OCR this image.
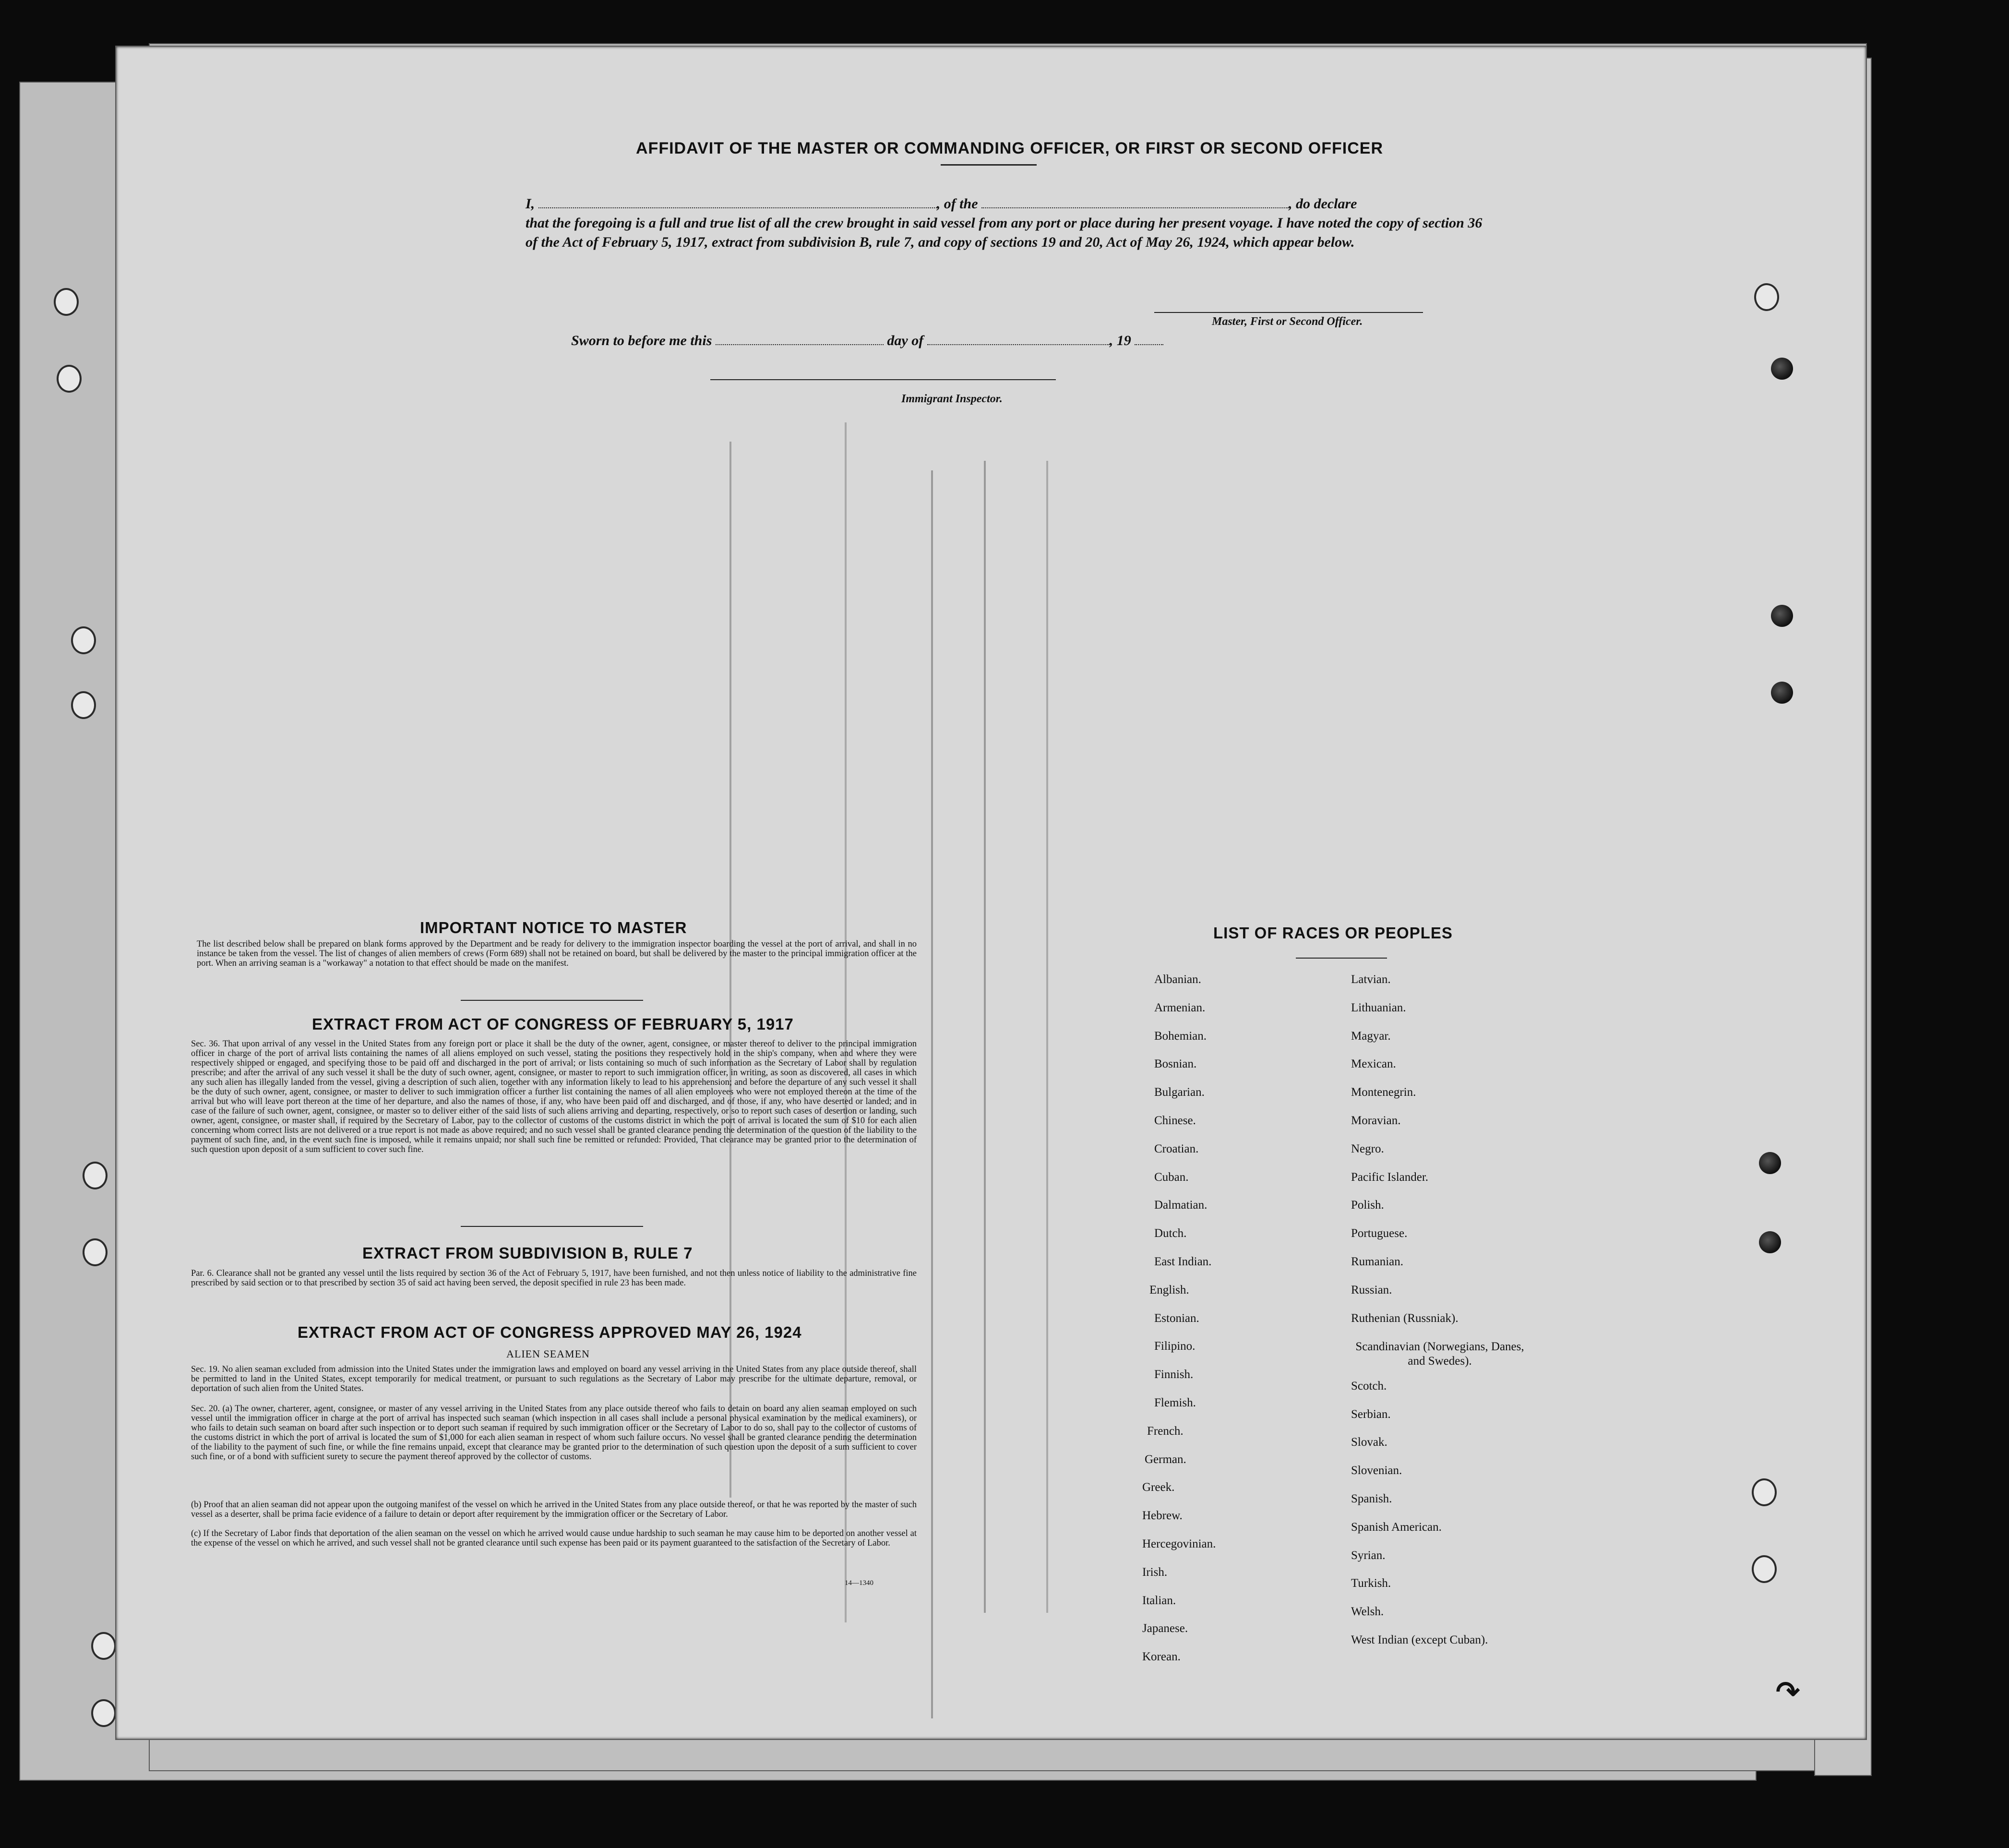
AFFIDAVIT OF THE MASTER OR COMMANDING OFFICER, OR FIRST OR SECOND OFFICER
I,	, of the	, do declare
that the foregoing is a full and true list of all the crew brought in said vessel from any port or place during her present voyage. I have noted the copy of section 36 of the Act of February 5, 1917, extract from subdivision B, rule 7, and copy of sections 19 and 20, Act of May 26, 1924, which appear below.
Master, First or Second Officer.
Sworn to before me this	day of	, 19
Immigrant Inspector.
IMPORTANT NOTICE TO MASTER
The list described below shall be prepared on blank forms approved by the Department and be ready for delivery to the immigration inspector boarding the vessel at the port of arrival, and shall in no instance be taken from the vessel. The list of changes of alien members of crews (Form 689) shall not be retained on board, but shall be delivered by the master to the principal immigration officer at the port. When an arriving seaman is a "workaway" a notation to that effect should be made on the manifest.
EXTRACT FROM ACT OF CONGRESS OF FEBRUARY 5, 1917
Sec. 36. That upon arrival of any vessel in the United States from any foreign port or place it shall be the duty of the owner, agent, consignee, or master thereof to deliver to the principal immigration officer in charge of the port of arrival lists containing the names of all aliens employed on such vessel, stating the positions they respectively hold in the ship's company, when and where they were respectively shipped or engaged, and specifying those to be paid off and discharged in the port of arrival; or lists containing so much of such information as the Secretary of Labor shall by regulation prescribe; and after the arrival of any such vessel it shall be the duty of such owner, agent, consignee, or master to report to such immigration officer, in writing, as soon as discovered, all cases in which any such alien has illegally landed from the vessel, giving a description of such alien, together with any information likely to lead to his apprehension; and before the departure of any such vessel it shall be the duty of such owner, agent, consignee, or master to deliver to such immigration officer a further list containing the names of all alien employees who were not employed thereon at the time of the arrival but who will leave port thereon at the time of her departure, and also the names of those, if any, who have been paid off and discharged, and of those, if any, who have deserted or landed; and in case of the failure of such owner, agent, consignee, or master so to deliver either of the said lists of such aliens arriving and departing, respectively, or so to report such cases of desertion or landing, such owner, agent, consignee, or master shall, if required by the Secretary of Labor, pay to the collector of customs of the customs district in which the port of arrival is located the sum of $10 for each alien concerning whom correct lists are not delivered or a true report is not made as above required; and no such vessel shall be granted clearance pending the determination of the question of the liability to the payment of such fine, and, in the event such fine is imposed, while it remains unpaid; nor shall such fine be remitted or refunded: Provided, That clearance may be granted prior to the determination of such question upon deposit of a sum sufficient to cover such fine.
EXTRACT FROM SUBDIVISION B, RULE 7
Par. 6. Clearance shall not be granted any vessel until the lists required by section 36 of the Act of February 5, 1917, have been furnished, and not then unless notice of liability to the administrative fine prescribed by said section or to that prescribed by section 35 of said act having been served, the deposit specified in rule 23 has been made.
EXTRACT FROM ACT OF CONGRESS APPROVED MAY 26, 1924
ALIEN SEAMEN
Sec. 19. No alien seaman excluded from admission into the United States under the immigration laws and employed on board any vessel arriving in the United States from any place outside thereof, shall be permitted to land in the United States, except temporarily for medical treatment, or pursuant to such regulations as the Secretary of Labor may prescribe for the ultimate departure, removal, or deportation of such alien from the United States.
Sec. 20. (a) The owner, charterer, agent, consignee, or master of any vessel arriving in the United States from any place outside thereof who fails to detain on board any alien seaman employed on such vessel until the immigration officer in charge at the port of arrival has inspected such seaman (which inspection in all cases shall include a personal physical examination by the medical examiners), or who fails to detain such seaman on board after such inspection or to deport such seaman if required by such immigration officer or the Secretary of Labor to do so, shall pay to the collector of customs of the customs district in which the port of arrival is located the sum of $1,000 for each alien seaman in respect of whom such failure occurs. No vessel shall be granted clearance pending the determination of the liability to the payment of such fine, or while the fine remains unpaid, except that clearance may be granted prior to the determination of such question upon the deposit of a sum sufficient to cover such fine, or of a bond with sufficient surety to secure the payment thereof approved by the collector of customs.
(b) Proof that an alien seaman did not appear upon the outgoing manifest of the vessel on which he arrived in the United States from any place outside thereof, or that he was reported by the master of such vessel as a deserter, shall be prima facie evidence of a failure to detain or deport after requirement by the immigration officer or the Secretary of Labor.
(c) If the Secretary of Labor finds that deportation of the alien seaman on the vessel on which he arrived would cause undue hardship to such seaman he may cause him to be deported on another vessel at the expense of the vessel on which he arrived, and such vessel shall not be granted clearance until such expense has been paid or its payment guaranteed to the satisfaction of the Secretary of Labor.
14—1340
LIST OF RACES OR PEOPLES
↷
Albanian.
Armenian.
Bohemian.
Bosnian.
Bulgarian.
Chinese.
Croatian.
Cuban.
Dalmatian.
Dutch.
East Indian.
English.
Estonian.
Filipino.
Finnish.
Flemish.
French.
German.
Greek.
Hebrew.
Hercegovinian.
Irish.
Italian.
Japanese.
Korean.
Latvian.
Lithuanian.
Magyar.
Mexican.
Montenegrin.
Moravian.
Negro.
Pacific Islander.
Polish.
Portuguese.
Rumanian.
Russian.
Ruthenian (Russniak).
Scandinavian (Norwegians, Danes, and Swedes).
Scotch.
Serbian.
Slovak.
Slovenian.
Spanish.
Spanish American.
Syrian.
Turkish.
Welsh.
West Indian (except Cuban).
